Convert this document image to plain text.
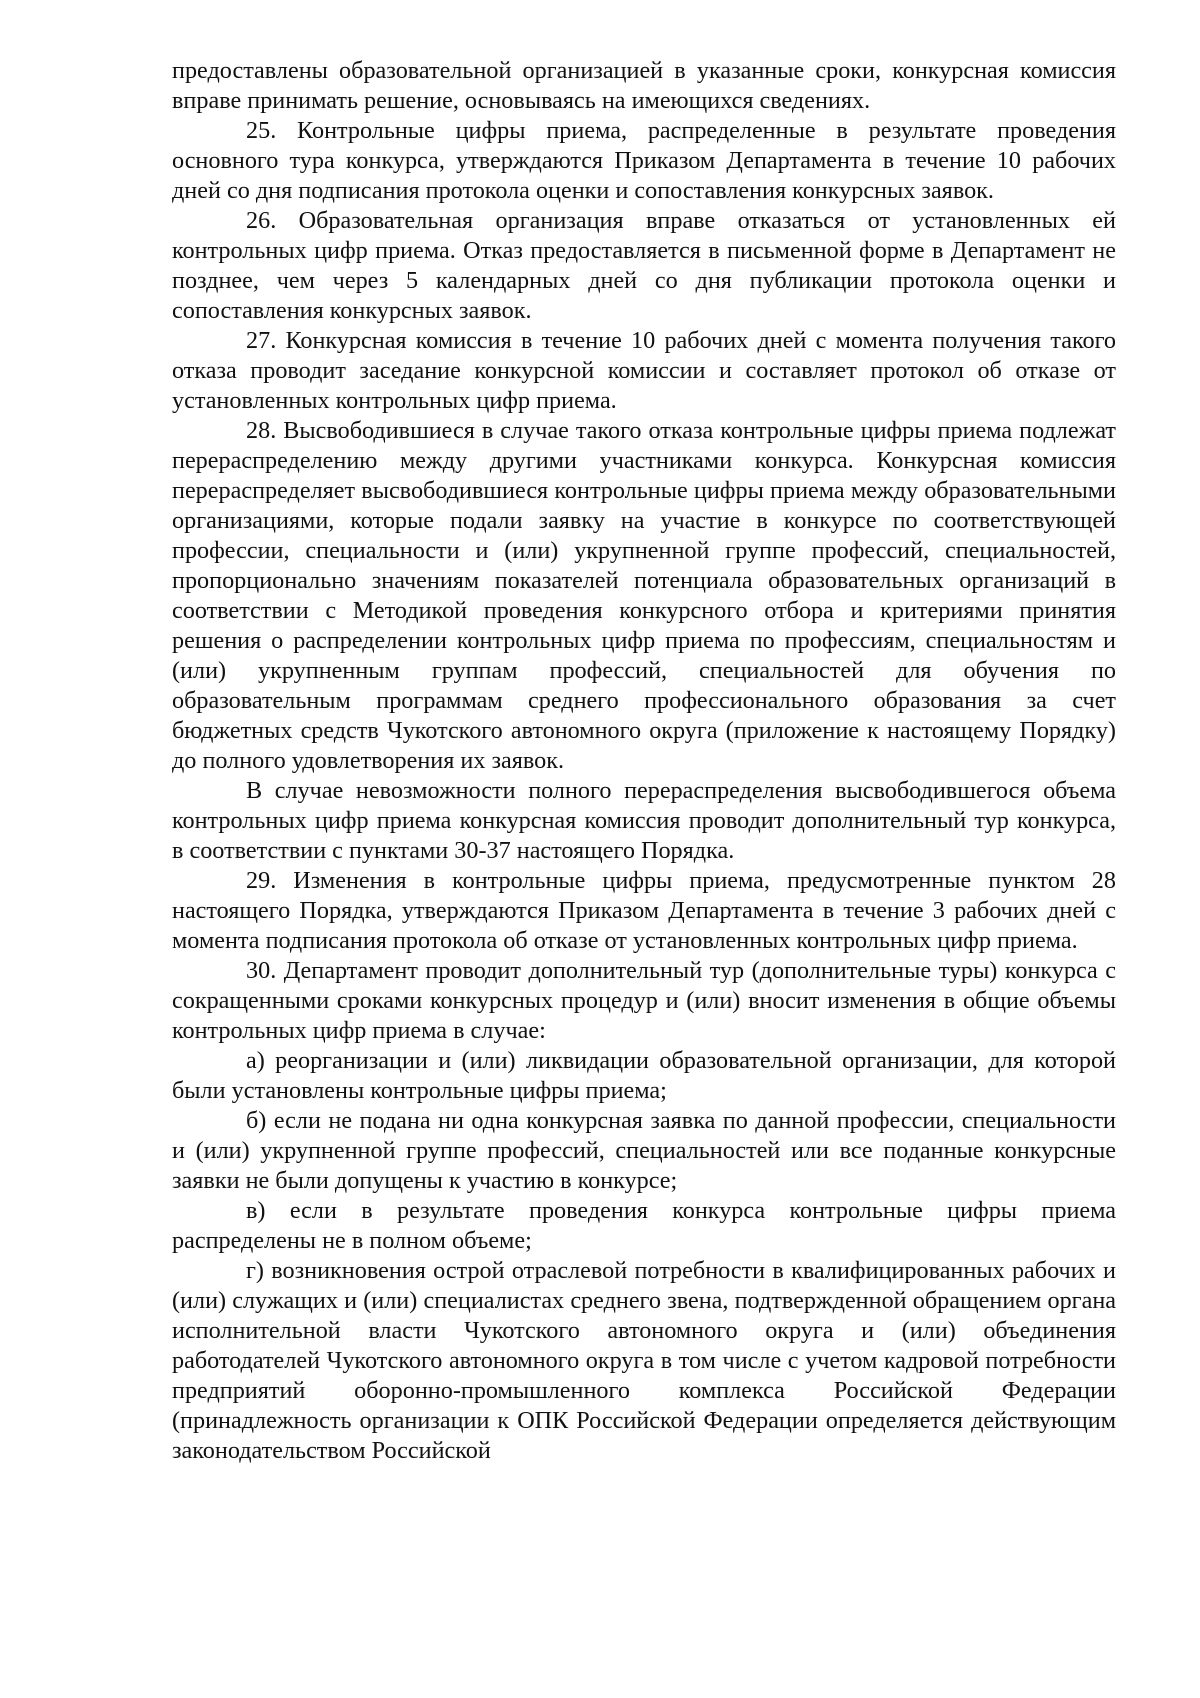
предоставлены образовательной организацией в указанные сроки, конкурсная комиссия вправе принимать решение, основываясь на имеющихся сведениях.

25. Контрольные цифры приема, распределенные в результате проведения основного тура конкурса, утверждаются Приказом Департамента в течение 10 рабочих дней со дня подписания протокола оценки и сопоставления конкурсных заявок.

26. Образовательная организация вправе отказаться от установленных ей контрольных цифр приема. Отказ предоставляется в письменной форме в Департамент не позднее, чем через 5 календарных дней со дня публикации протокола оценки и сопоставления конкурсных заявок.

27. Конкурсная комиссия в течение 10 рабочих дней с момента получения такого отказа проводит заседание конкурсной комиссии и составляет протокол об отказе от установленных контрольных цифр приема.

28. Высвободившиеся в случае такого отказа контрольные цифры приема подлежат перераспределению между другими участниками конкурса. Конкурсная комиссия перераспределяет высвободившиеся контрольные цифры приема между образовательными организациями, которые подали заявку на участие в конкурсе по соответствующей профессии, специальности и (или) укрупненной группе профессий, специальностей, пропорционально значениям показателей потенциала образовательных организаций в соответствии с Методикой проведения конкурсного отбора и критериями принятия решения о распределении контрольных цифр приема по профессиям, специальностям и (или) укрупненным группам профессий, специальностей для обучения по образовательным программам среднего профессионального образования за счет бюджетных средств Чукотского автономного округа (приложение к настоящему Порядку) до полного удовлетворения их заявок.

В случае невозможности полного перераспределения высвободившегося объема контрольных цифр приема конкурсная комиссия проводит дополнительный тур конкурса, в соответствии с пунктами 30-37 настоящего Порядка.

29. Изменения в контрольные цифры приема, предусмотренные пунктом 28 настоящего Порядка, утверждаются Приказом Департамента в течение 3 рабочих дней с момента подписания протокола об отказе от установленных контрольных цифр приема.

30. Департамент проводит дополнительный тур (дополнительные туры) конкурса с сокращенными сроками конкурсных процедур и (или) вносит изменения в общие объемы контрольных цифр приема в случае:

а) реорганизации и (или) ликвидации образовательной организации, для которой были установлены контрольные цифры приема;

б) если не подана ни одна конкурсная заявка по данной профессии, специальности и (или) укрупненной группе профессий, специальностей или все поданные конкурсные заявки не были допущены к участию в конкурсе;

в) если в результате проведения конкурса контрольные цифры приема распределены не в полном объеме;

г) возникновения острой отраслевой потребности в квалифицированных рабочих и (или) служащих и (или) специалистах среднего звена, подтвержденной обращением органа исполнительной власти Чукотского автономного округа и (или) объединения работодателей Чукотского автономного округа в том числе с учетом кадровой потребности предприятий оборонно-промышленного комплекса Российской Федерации (принадлежность организации к ОПК Российской Федерации определяется действующим законодательством Российской
